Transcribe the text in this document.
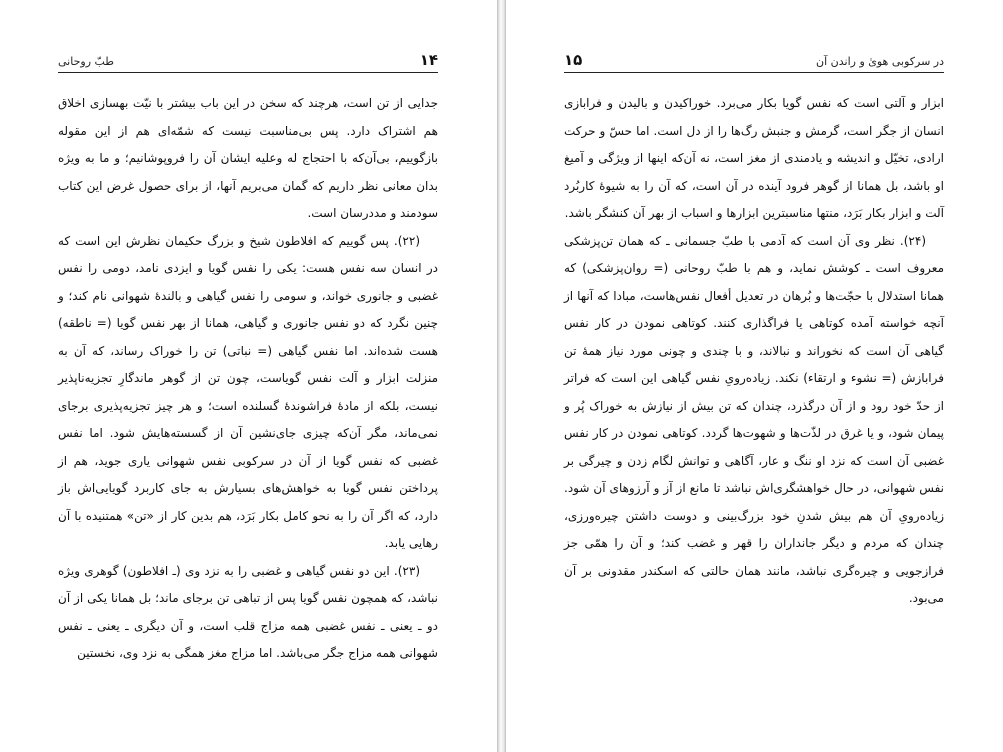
طبّ روحانی	۱۴

جدایی از تن است، هرچند که سخن در این باب بیشتر با نیّت بهسازی اخلاق هم اشتراک دارد. پس بی‌مناسبت نیست که شمّه‌ای هم از این مقوله باز‌گوییم، بی‌آن‌که با احتجاج له وعلیه ایشان آن را فروپوشانیم؛ و ما به ویژه بدان معانی نظر داریم که گمان می‌بریم آنها، از برای حصول غرض این کتاب سودمند و مددرسان است.

(۲۲). پس گوییم که افلاطون شیخ و بزرگ حکیمان نظرش این است که در انسان سه نفس هست: یکی را نفس گویا و ایزدی نامد، دومی را نفس غضبی و جانوری خواند، و سومی را نفس گیاهی و بالندهٔ شهوانی نام کند؛ و چنین نگرد که دو نفس جانوری و گیاهی، همانا از بهر نفس گویا (= ناطقه) هست شده‌اند. اما نفس گیاهی (= نباتی) تن را خوراک رساند، که آن به منزلت ابزار و آلت نفس گویاست، چون تن از گوهر ماندگارِ تجزیه‌ناپذیر نیست، بلکه از مادهٔ فراشوندهٔ گسلنده است؛ و هر چیز تجزیه‌پذیری برجای نمی‌ماند، مگر آن‌که چیزی جای‌نشین آن از گسسته‌هایش شود. اما نفس غضبی که نفس گویا از آن در سرکوبی نفس شهوانی یاری جوید، هم از پرداختن نفس گویا به خواهش‌های بسیارش به جای کاربرد گویایی‌اش باز دارد، که اگر آن را به نحو کامل بکار بَرَد، هم بدین کار از «تن» همتنیده با آن رهایی یابد.

(۲۳). این دو نفس گیاهی و غضبی را به نزد وی (ـ افلاطون) گوهری ویژه نباشد، که همچون نفس گویا پس از تباهی تن برجای ماند؛ بل همانا یکی از آن دو ـ یعنی ـ نفس غضبی همه مزاج قلب است، و آن دیگری ـ یعنی ـ نفس شهوانی همه مزاج جگر می‌باشد. اما مزاج مغز همگی به نزد وی، نخستین

۱۵	در سرکوبی هویٰ و راندن آن

ابزار و آلتی است که نفس گویا بکار می‌برد. خوراکیدن و بالیدن و فرابازی انسان از جگر است، گرمش و جنبش رگ‌ها را از دل است. اما حسّ و حرکت ارادی، تخیّل و اندیشه و یادمندی از مغز است، نه آن‌که اینها از ویژگی و آمیغ او باشد، بل همانا از گوهر فرود آینده در آن است، که آن را به شیوهٔ کاربُرد آلت و ابزار بکار بَرَد، منتها مناسبترین ابزارها و اسباب از بهر آن کنشگر باشد.

(۲۴). نظر وی آن است که آدمی با طبّ جسمانی ـ که همان تن‌پزشکی معروف است ـ کوشش نماید، و هم با طبّ روحانی (= روان‌پزشکی) که همانا استدلال با حجّت‌ها و بُرهان در تعدیل أفعال نفس‌هاست، مبادا که آنها از آنچه خواسته آمده کوتاهی یا فراگذاری کنند. کوتاهی نمودن در کار نفس گیاهی آن است که نخوراند و نبالاند، و با چندی و چونی مورد نیاز همهٔ تن فرابازش (= نشوء و ارتقاء) نکند. زیاده‌رویِ نفس گیاهی این است که فراتر از حدّ خود رود و از آن درگذرد، چندان که تن بیش از نیازش به خوراک پُر و پیمان شود، و یا غرق در لذّت‌ها و شهوت‌ها گردد. کوتاهی نمودن در کار نفس غضبی آن است که نزد او ننگ و عار، آگاهی و توانش لگام زدن و چیرگی بر نفس شهوانی، در حال خواهشگری‌اش نباشد تا مانع از آز و آرزوهای آن شود. زیاده‌رویِ آن هم بیش شدنِ خود بزرگ‌بینی و دوست داشتن چیره‌ورزی، چندان که مردم و دیگر جانداران را قهر و غضب کند؛ و آن را همّی جز فرازجویی و چیره‌گری نباشد، مانند همان حالتی که اسکندر مقدونی بر آن می‌بود.
